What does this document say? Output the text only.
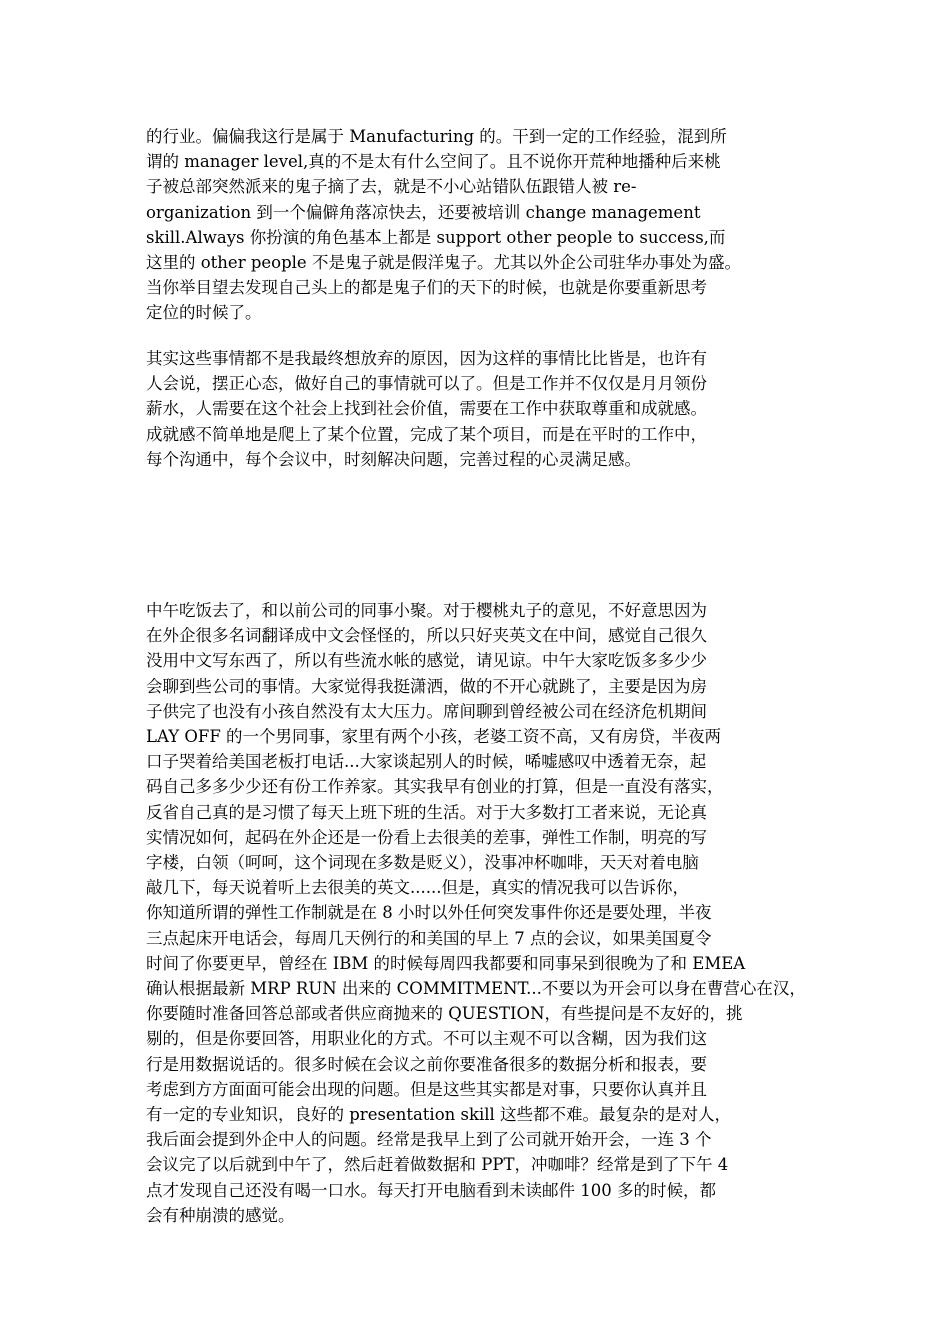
的行业。偏偏我这行是属于 Manufacturing 的。干到一定的工作经验，混到所

谓的 manager level,真的不是太有什么空间了。且不说你开荒种地播种后来桃

子被总部突然派来的鬼子摘了去，就是不小心站错队伍跟错人被 re-

organization 到一个偏僻角落凉快去，还要被培训 change management

skill.Always 你扮演的角色基本上都是 support other people to success,而

这里的 other people 不是鬼子就是假洋鬼子。尤其以外企公司驻华办事处为盛。

当你举目望去发现自己头上的都是鬼子们的天下的时候，也就是你要重新思考

定位的时候了。

其实这些事情都不是我最终想放弃的原因，因为这样的事情比比皆是，也许有

人会说，摆正心态，做好自己的事情就可以了。但是工作并不仅仅是月月领份

薪水，人需要在这个社会上找到社会价值，需要在工作中获取尊重和成就感。

成就感不简单地是爬上了某个位置，完成了某个项目，而是在平时的工作中，

每个沟通中，每个会议中，时刻解决问题，完善过程的心灵满足感。

中午吃饭去了，和以前公司的同事小聚。对于樱桃丸子的意见，不好意思因为

在外企很多名词翻译成中文会怪怪的，所以只好夹英文在中间，感觉自己很久

没用中文写东西了，所以有些流水帐的感觉，请见谅。中午大家吃饭多多少少

会聊到些公司的事情。大家觉得我挺潇洒，做的不开心就跳了，主要是因为房

子供完了也没有小孩自然没有太大压力。席间聊到曾经被公司在经济危机期间

LAY OFF 的一个男同事，家里有两个小孩，老婆工资不高，又有房贷，半夜两

口子哭着给美国老板打电话...大家谈起别人的时候，唏嘘感叹中透着无奈，起

码自己多多少少还有份工作养家。其实我早有创业的打算，但是一直没有落实，

反省自己真的是习惯了每天上班下班的生活。对于大多数打工者来说，无论真

实情况如何，起码在外企还是一份看上去很美的差事，弹性工作制，明亮的写

字楼，白领（呵呵，这个词现在多数是贬义），没事冲杯咖啡，天天对着电脑

敲几下，每天说着听上去很美的英文......但是，真实的情况我可以告诉你，

你知道所谓的弹性工作制就是在 8 小时以外任何突发事件你还是要处理，半夜

三点起床开电话会，每周几天例行的和美国的早上 7 点的会议，如果美国夏令

时间了你要更早，曾经在 IBM 的时候每周四我都要和同事呆到很晚为了和 EMEA

确认根据最新 MRP RUN 出来的 COMMITMENT...不要以为开会可以身在曹营心在汉，

你要随时准备回答总部或者供应商抛来的 QUESTION，有些提问是不友好的，挑

剔的，但是你要回答，用职业化的方式。不可以主观不可以含糊，因为我们这

行是用数据说话的。很多时候在会议之前你要准备很多的数据分析和报表，要

考虑到方方面面可能会出现的问题。但是这些其实都是对事，只要你认真并且

有一定的专业知识，良好的 presentation skill 这些都不难。最复杂的是对人，

我后面会提到外企中人的问题。经常是我早上到了公司就开始开会，一连 3 个

会议完了以后就到中午了，然后赶着做数据和 PPT，冲咖啡？经常是到了下午 4

点才发现自己还没有喝一口水。每天打开电脑看到未读邮件 100 多的时候，都

会有种崩溃的感觉。
